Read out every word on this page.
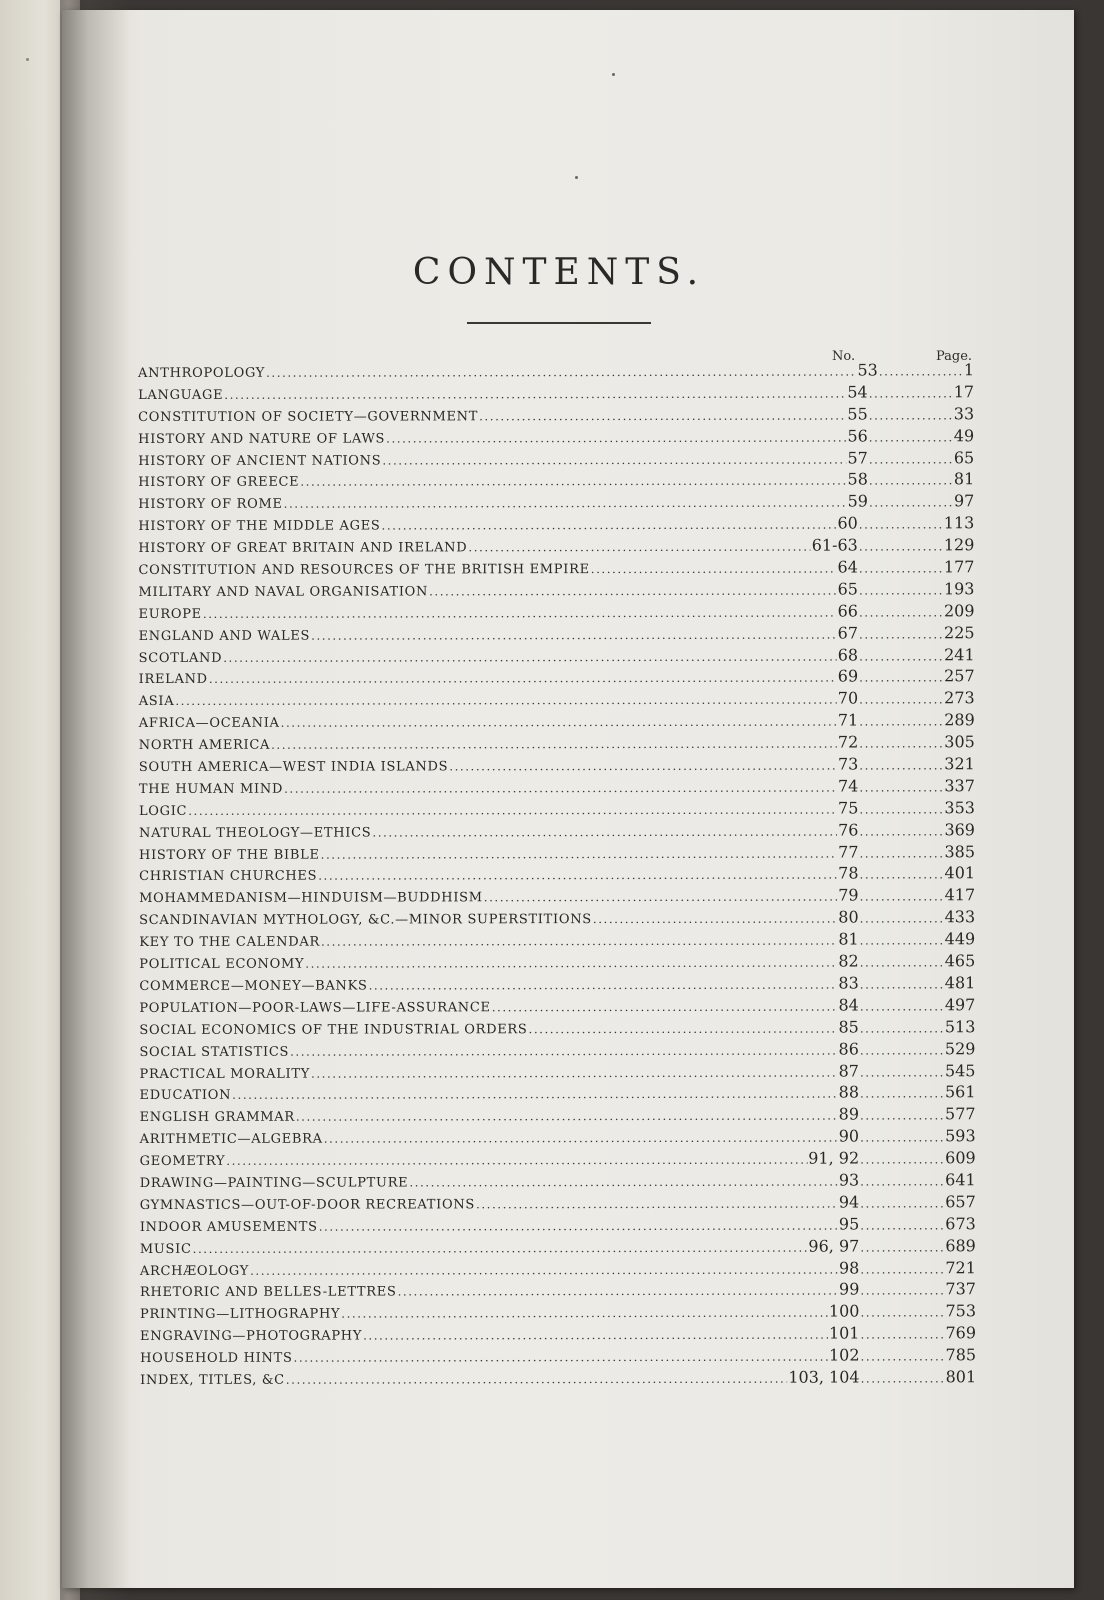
CONTENTS.
No.	Page.
ANTHROPOLOGY .....	53 .....	1
LANGUAGE .....	54 .....	17
CONSTITUTION OF SOCIETY—GOVERNMENT .....	55 .....	33
HISTORY AND NATURE OF LAWS .....	56 .....	49
HISTORY OF ANCIENT NATIONS .....	57 .....	65
HISTORY OF GREECE .....	58 .....	81
HISTORY OF ROME .....	59 .....	97
HISTORY OF THE MIDDLE AGES .....	60 .....	113
HISTORY OF GREAT BRITAIN AND IRELAND .....	61-63 .....	129
CONSTITUTION AND RESOURCES OF THE BRITISH EMPIRE .....	64 .....	177
MILITARY AND NAVAL ORGANISATION .....	65 .....	193
EUROPE .....	66 .....	209
ENGLAND AND WALES .....	67 .....	225
SCOTLAND .....	68 .....	241
IRELAND .....	69 .....	257
ASIA .....	70 .....	273
AFRICA—OCEANIA .....	71 .....	289
NORTH AMERICA .....	72 .....	305
SOUTH AMERICA—WEST INDIA ISLANDS .....	73 .....	321
THE HUMAN MIND .....	74 .....	337
LOGIC .....	75 .....	353
NATURAL THEOLOGY—ETHICS .....	76 .....	369
HISTORY OF THE BIBLE .....	77 .....	385
CHRISTIAN CHURCHES .....	78 .....	401
MOHAMMEDANISM—HINDUISM—BUDDHISM .....	79 .....	417
SCANDINAVIAN MYTHOLOGY, &C.—MINOR SUPERSTITIONS .....	80 .....	433
KEY TO THE CALENDAR .....	81 .....	449
POLITICAL ECONOMY .....	82 .....	465
COMMERCE—MONEY—BANKS .....	83 .....	481
POPULATION—POOR-LAWS—LIFE-ASSURANCE .....	84 .....	497
SOCIAL ECONOMICS OF THE INDUSTRIAL ORDERS .....	85 .....	513
SOCIAL STATISTICS .....	86 .....	529
PRACTICAL MORALITY .....	87 .....	545
EDUCATION .....	88 .....	561
ENGLISH GRAMMAR .....	89 .....	577
ARITHMETIC—ALGEBRA .....	90 .....	593
GEOMETRY .....	91, 92 .....	609
DRAWING—PAINTING—SCULPTURE .....	93 .....	641
GYMNASTICS—OUT-OF-DOOR RECREATIONS .....	94 .....	657
INDOOR AMUSEMENTS .....	95 .....	673
MUSIC .....	96, 97 .....	689
ARCHÆOLOGY .....	98 .....	721
RHETORIC AND BELLES-LETTRES .....	99 .....	737
PRINTING—LITHOGRAPHY .....	100 .....	753
ENGRAVING—PHOTOGRAPHY .....	101 .....	769
HOUSEHOLD HINTS .....	102 .....	785
INDEX, TITLES, &C .....	103, 104 .....	801
